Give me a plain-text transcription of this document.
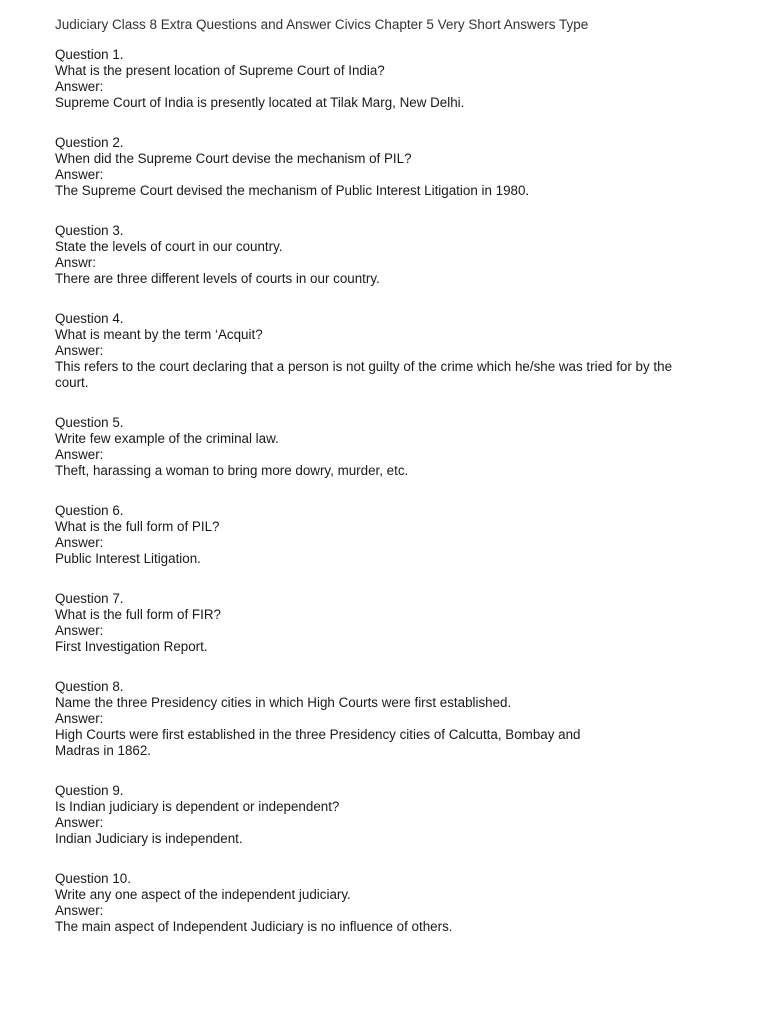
Judiciary Class 8 Extra Questions and Answer Civics Chapter 5 Very Short Answers Type
Question 1.
What is the present location of Supreme Court of India?
Answer:
Supreme Court of India is presently located at Tilak Marg, New Delhi.
Question 2.
When did the Supreme Court devise the mechanism of PIL?
Answer:
The Supreme Court devised the mechanism of Public Interest Litigation in 1980.
Question 3.
State the levels of court in our country.
Answr:
There are three different levels of courts in our country.
Question 4.
What is meant by the term ‘Acquit?
Answer:
This refers to the court declaring that a person is not guilty of the crime which he/she was tried for by the court.
Question 5.
Write few example of the criminal law.
Answer:
Theft, harassing a woman to bring more dowry, murder, etc.
Question 6.
What is the full form of PIL?
Answer:
Public Interest Litigation.
Question 7.
What is the full form of FIR?
Answer:
First Investigation Report.
Question 8.
Name the three Presidency cities in which High Courts were first established.
Answer:
High Courts were first established in the three Presidency cities of Calcutta, Bombay and Madras in 1862.
Question 9.
Is Indian judiciary is dependent or independent?
Answer:
Indian Judiciary is independent.
Question 10.
Write any one aspect of the independent judiciary.
Answer:
The main aspect of Independent Judiciary is no influence of others.
